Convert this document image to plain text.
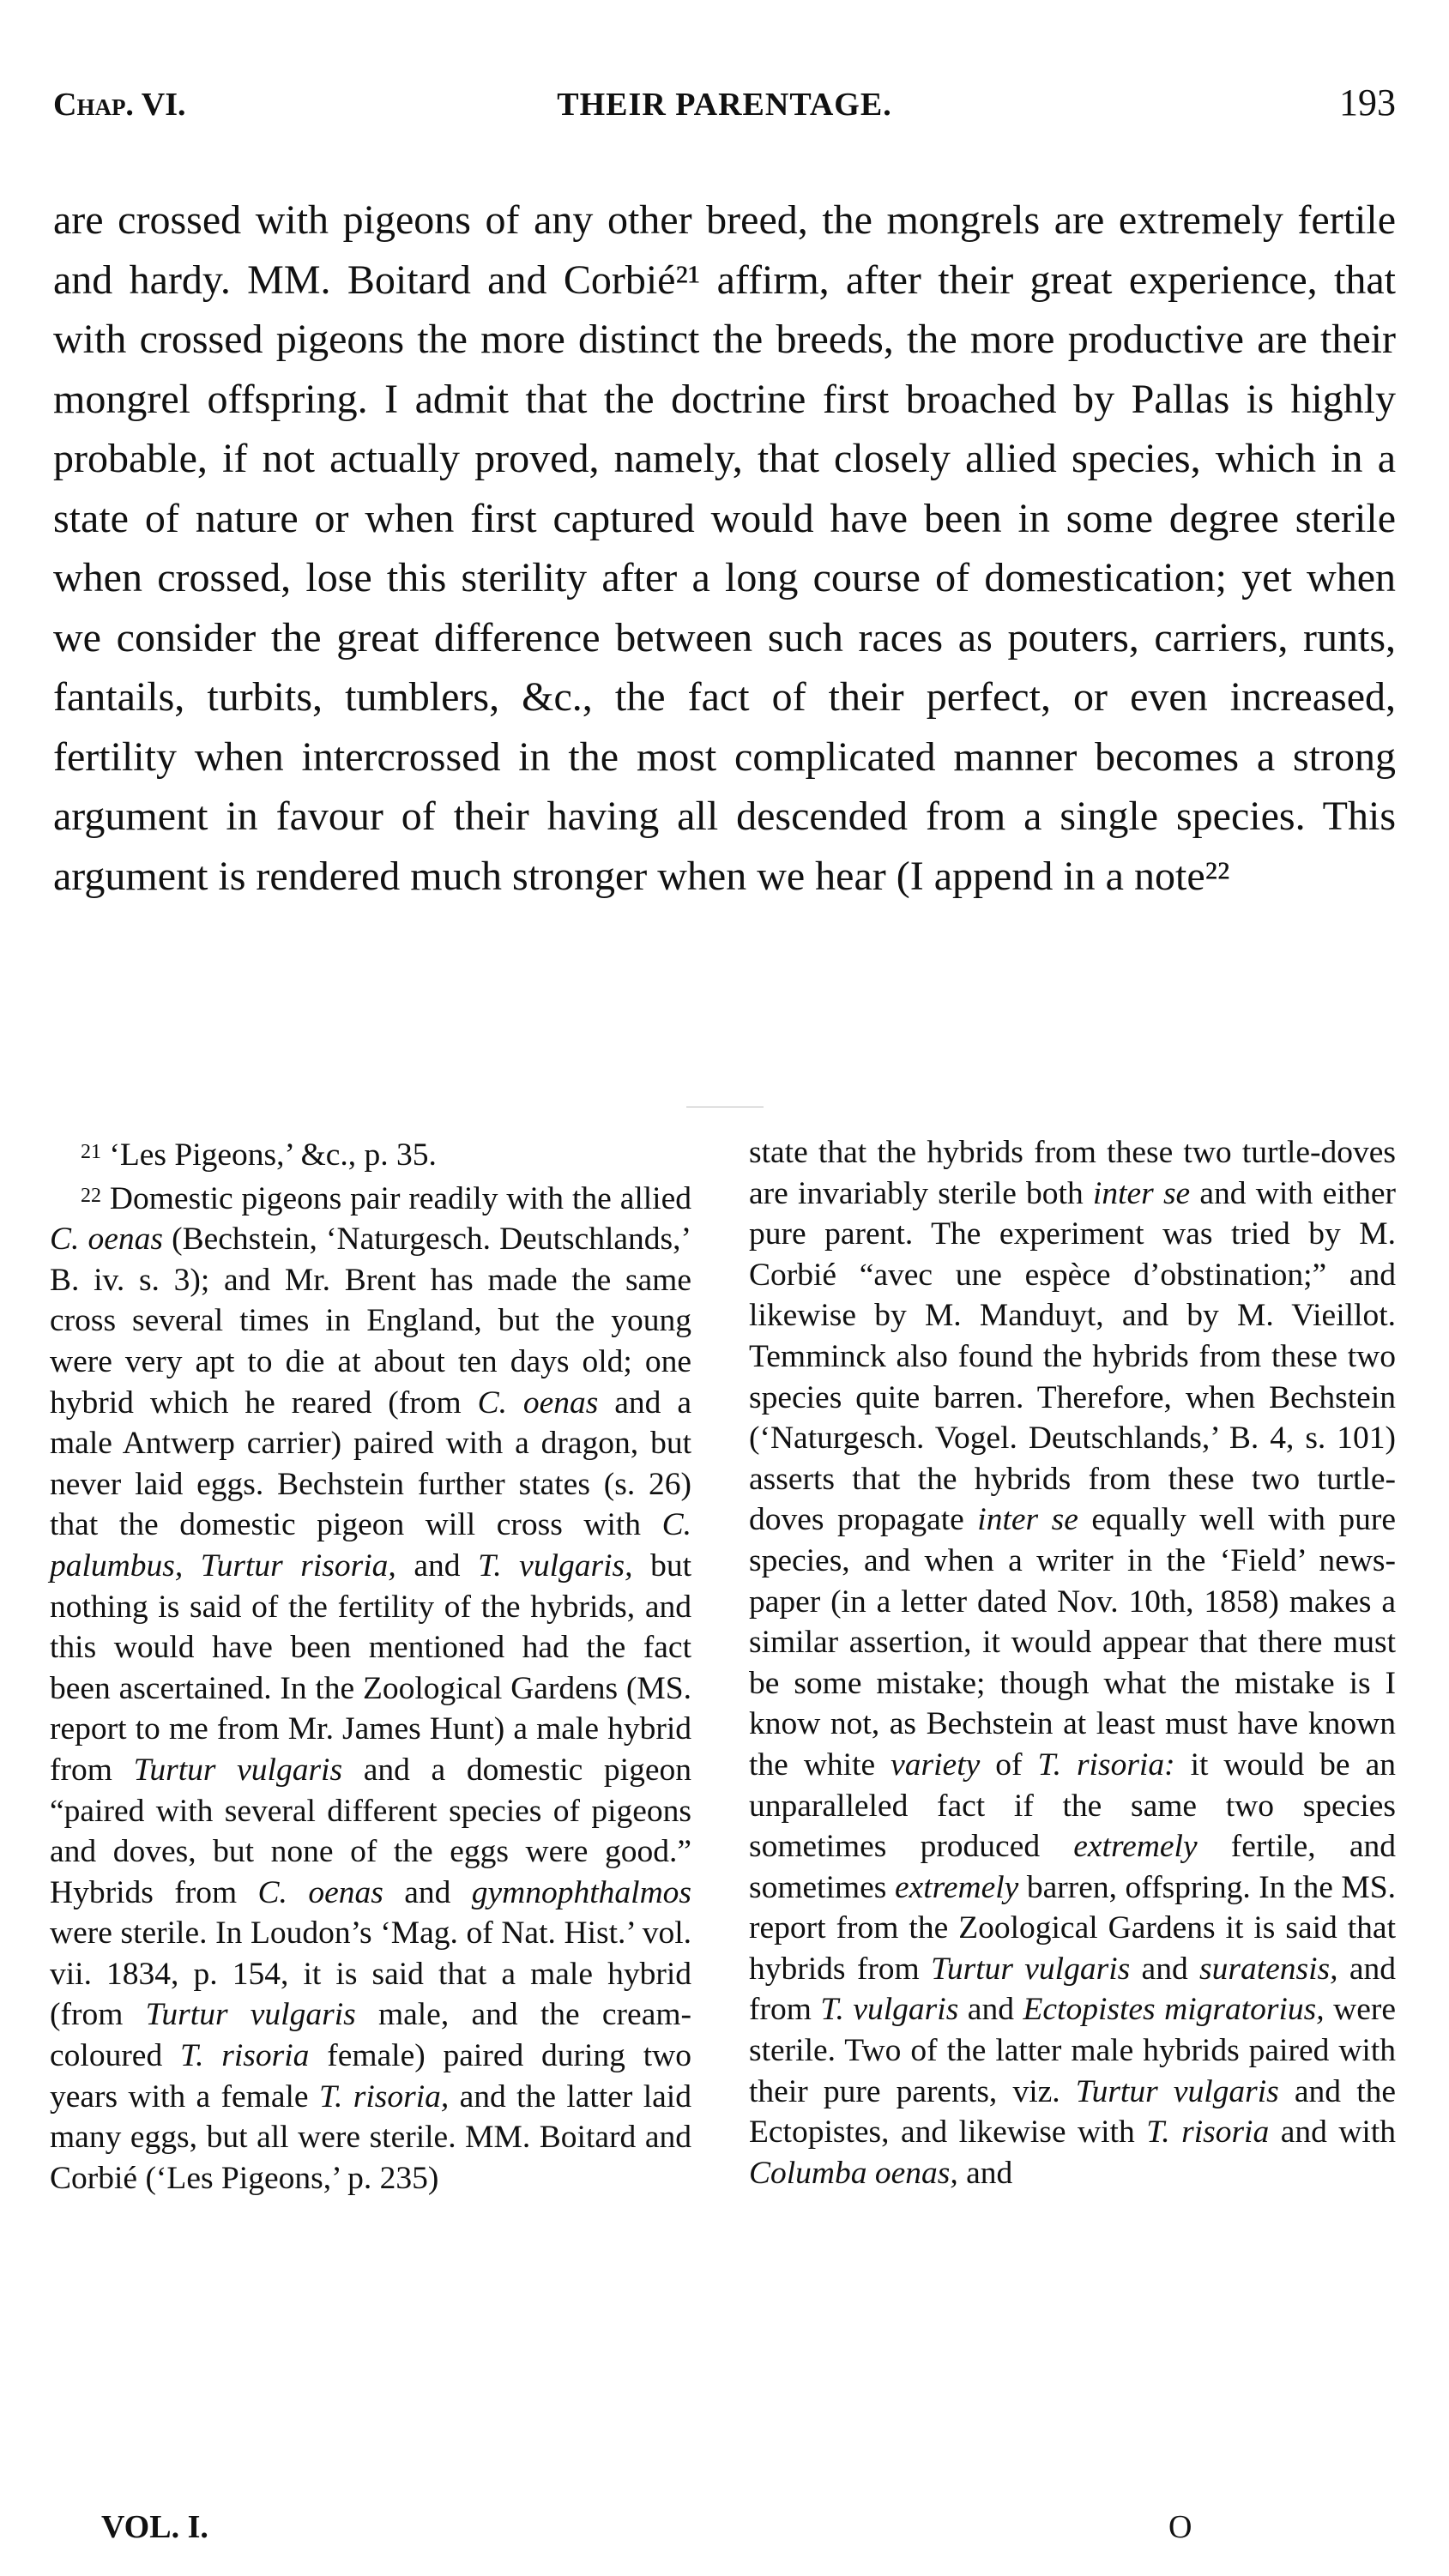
Chap. VI.	THEIR PARENTAGE.	193

are crossed with pigeons of any other breed, the mongrels are extremely fertile and hardy. MM. Boitard and Corbié²¹ affirm, after their great experience, that with crossed pigeons the more distinct the breeds, the more productive are their mongrel offspring. I admit that the doctrine first broached by Pallas is highly probable, if not actually proved, namely, that closely allied species, which in a state of nature or when first captured would have been in some degree sterile when crossed, lose this sterility after a long course of domestication; yet when we consider the great difference between such races as pouters, carriers, runts, fantails, turbits, tumblers, &c., the fact of their perfect, or even increased, fertility when intercrossed in the most complicated manner becomes a strong argument in favour of their having all descended from a single species. This argument is rendered much stronger when we hear (I append in a note²²

$^{21}$ ‘Les Pigeons,’ &c., p. 35.

$^{22}$ Domestic pigeons pair readily with the allied C. oenas (Bechstein, ‘Naturgesch. Deutschlands,’ B. iv. s. 3); and Mr. Brent has made the same cross several times in England, but the young were very apt to die at about ten days old; one hybrid which he reared (from C. oenas and a male Antwerp carrier) paired with a dragon, but never laid eggs. Bechstein further states (s. 26) that the domestic pigeon will cross with C. palumbus, Turtur risoria, and T. vulgaris, but nothing is said of the fertility of the hybrids, and this would have been mentioned had the fact been ascertained. In the Zoological Gardens (MS. report to me from Mr. James Hunt) a male hybrid from Turtur vulgaris and a domestic pigeon “paired with several different species of pigeons and doves, but none of the eggs were good.” Hybrids from C. oenas and gymnophthalmos were sterile. In Loudon’s ‘Mag. of Nat. Hist.’ vol. vii. 1834, p. 154, it is said that a male hybrid (from Turtur vulgaris male, and the cream-coloured T. risoria female) paired during two years with a female T. risoria, and the latter laid many eggs, but all were sterile. MM. Boitard and Corbié (‘Les Pigeons,’ p. 235)

state that the hybrids from these two turtle-doves are invariably sterile both inter se and with either pure parent. The experiment was tried by M. Corbié “avec une espèce d’obstination;” and likewise by M. Manduyt, and by M. Vieillot. Temminck also found the hybrids from these two species quite barren. Therefore, when Bechstein (‘Naturgesch. Vogel. Deutschlands,’ B. 4, s. 101) asserts that the hybrids from these two turtle-doves propagate inter se equally well with pure species, and when a writer in the ‘Field’ newspaper (in a letter dated Nov. 10th, 1858) makes a similar assertion, it would appear that there must be some mistake; though what the mistake is I know not, as Bechstein at least must have known the white variety of T. risoria: it would be an unparalleled fact if the same two species sometimes produced extremely fertile, and sometimes extremely barren, offspring. In the MS. report from the Zoological Gardens it is said that hybrids from Turtur vulgaris and suratensis, and from T. vulgaris and Ectopistes migratorius, were sterile. Two of the latter male hybrids paired with their pure parents, viz. Turtur vulgaris and the Ectopistes, and likewise with T. risoria and with Columba oenas, and

VOL. I.	O
